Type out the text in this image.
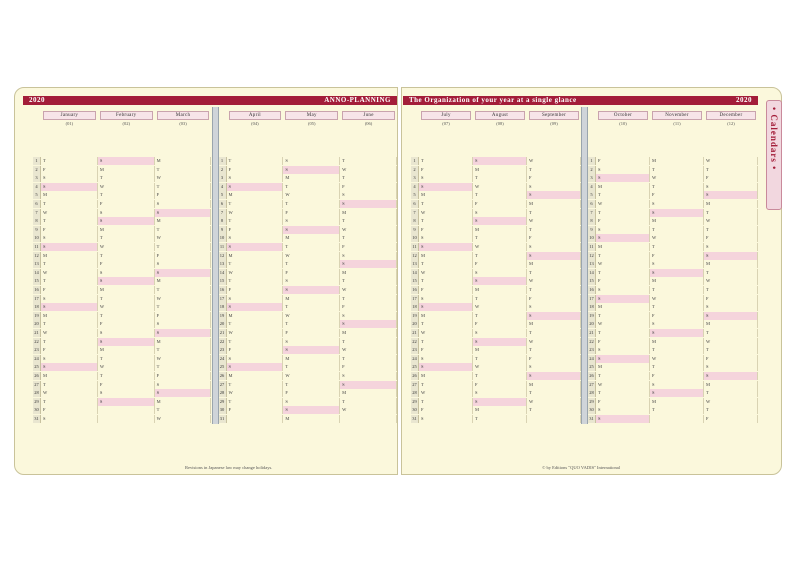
2020	ANNO-PLANNING
January
(01)
T
F
S
S
M
T
W
T
F
S
S
M
T
W
T
F
S
S
M
T
W
T
F
S
S
M
T
W
T
F
S
February
(02)
S
M
T
W
T
F
S
S
M
T
W
T
F
S
S
M
T
W
T
F
S
S
M
T
W
T
F
S
S
March
(03)
M
T
W
T
F
S
S
M
T
W
T
F
S
S
M
T
W
T
F
S
S
M
T
W
T
F
S
S
M
T
W
April
(04)
T
F
S
S
M
T
W
T
F
S
S
M
T
W
T
F
S
S
M
T
W
T
F
S
S
M
T
W
T
F
May
(05)
S
S
M
T
W
T
F
S
S
M
T
W
T
F
S
S
M
T
W
T
F
S
S
M
T
W
T
F
S
S
M
June
(06)
T
W
T
F
S
S
M
T
W
T
F
S
S
M
T
W
T
F
S
S
M
T
W
T
F
S
S
M
T
W
1
2
3
4
5
6
7
8
9
10
11
12
13
14
15
16
17
18
19
20
21
22
23
24
25
26
27
28
29
30
31
1
2
3
4
5
6
7
8
9
10
11
12
13
14
15
16
17
18
19
20
21
22
23
24
25
26
27
28
29
30
31
Revisions in Japanese law may change holidays.
The Organization of your year at a single glance	2020
July
(07)
T
F
S
S
M
T
W
T
F
S
S
M
T
W
T
F
S
S
M
T
W
T
F
S
S
M
T
W
T
F
S
August
(08)
S
M
T
W
T
F
S
S
M
T
W
T
F
S
S
M
T
W
T
F
S
S
M
T
W
T
F
S
S
M
T
September
(09)
W
T
F
S
S
M
T
W
T
F
S
S
M
T
W
T
F
S
S
M
T
W
T
F
S
S
M
T
W
T
October
(10)
F
S
S
M
T
W
T
F
S
S
M
T
W
T
F
S
S
M
T
W
T
F
S
S
M
T
W
T
F
S
S
November
(11)
M
T
W
T
F
S
S
M
T
W
T
F
S
S
M
T
W
T
F
S
S
M
T
W
T
F
S
S
M
T
December
(12)
W
T
F
S
S
M
T
W
T
F
S
S
M
T
W
T
F
S
S
M
T
W
T
F
S
S
M
T
W
T
F
1
2
3
4
5
6
7
8
9
10
11
12
13
14
15
16
17
18
19
20
21
22
23
24
25
26
27
28
29
30
31
1
2
3
4
5
6
7
8
9
10
11
12
13
14
15
16
17
18
19
20
21
22
23
24
25
26
27
28
29
30
31
© by Editions "QUO VADIS" International
• Calendars •
